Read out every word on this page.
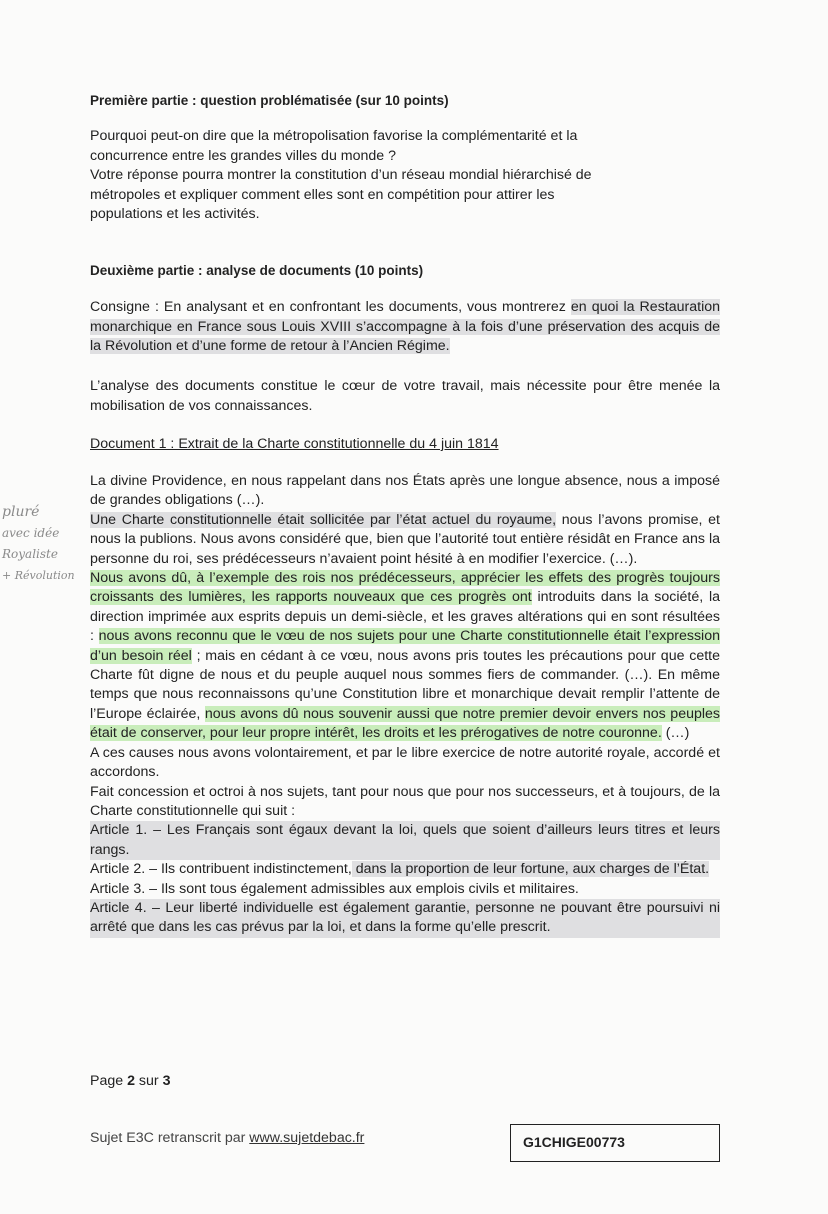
Première partie : question problématisée (sur 10 points)

Pourquoi peut-on dire que la métropolisation favorise la complémentarité et la

concurrence entre les grandes villes du monde ?

Votre réponse pourra montrer la constitution d’un réseau mondial hiérarchisé de

métropoles et expliquer comment elles sont en compétition pour attirer les

populations et les activités.

Deuxième partie : analyse de documents (10 points)
Consigne : En analysant et en confrontant les documents, vous montrerez en quoi la Restauration monarchique en France sous Louis XVIII s’accompagne à la fois d’une préservation des acquis de la Révolution et d’une forme de retour à l’Ancien Régime.
L’analyse des documents constitue le cœur de votre travail, mais nécessite pour être menée la mobilisation de vos connaissances.
Document 1 : Extrait de la Charte constitutionnelle du 4 juin 1814

La divine Providence, en nous rappelant dans nos États après une longue absence, nous a imposé de grandes obligations (…).

Une Charte constitutionnelle était sollicitée par l’état actuel du royaume, nous l’avons promise, et nous la publions. Nous avons considéré que, bien que l’autorité tout entière résidât en France ans la personne du roi, ses prédécesseurs n’avaient point hésité à en modifier l’exercice. (…).

Nous avons dû, à l’exemple des rois nos prédécesseurs, apprécier les effets des progrès toujours croissants des lumières, les rapports nouveaux que ces progrès ont introduits dans la société, la direction imprimée aux esprits depuis un demi-siècle, et les graves altérations qui en sont résultées : nous avons reconnu que le vœu de nos sujets pour une Charte constitutionnelle était l’expression d’un besoin réel ; mais en cédant à ce vœu, nous avons pris toutes les précautions pour que cette Charte fût digne de nous et du peuple auquel nous sommes fiers de commander. (…). En même temps que nous reconnaissons qu’une Constitution libre et monarchique devait remplir l’attente de l’Europe éclairée, nous avons dû nous souvenir aussi que notre premier devoir envers nos peuples était de conserver, pour leur propre intérêt, les droits et les prérogatives de notre couronne. (…)

A ces causes nous avons volontairement, et par le libre exercice de notre autorité royale, accordé et accordons.

Fait concession et octroi à nos sujets, tant pour nous que pour nos successeurs, et à toujours, de la Charte constitutionnelle qui suit :

Article 1. – Les Français sont égaux devant la loi, quels que soient d’ailleurs leurs titres et leurs rangs.

Article 2. – Ils contribuent indistinctement, dans la proportion de leur fortune, aux charges de l’État.

Article 3. – Ils sont tous également admissibles aux emplois civils et militaires.

Article 4. – Leur liberté individuelle est également garantie, personne ne pouvant être poursuivi ni arrêté que dans les cas prévus par la loi, et dans la forme qu’elle prescrit.

pluré
avec idée
Royaliste
+ Révolution
Page 2 sur 3
Sujet E3C retranscrit par www.sujetdebac.fr	G1CHIGE00773
